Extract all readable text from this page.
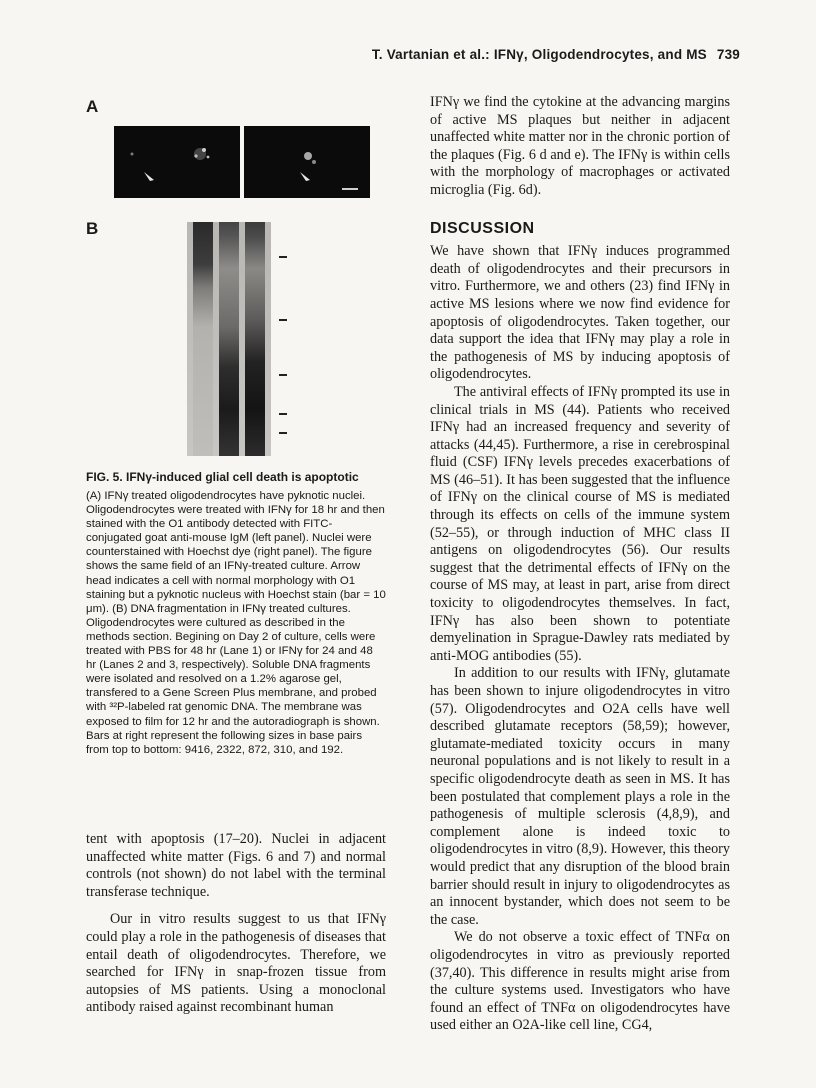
T. Vartanian et al.: IFNγ, Oligodendrocytes, and MS 739
A
B
FIG. 5. IFNγ-induced glial cell death is apoptotic
(A) IFNγ treated oligodendrocytes have pyknotic nuclei. Oligodendrocytes were treated with IFNγ for 18 hr and then stained with the O1 antibody detected with FITC-conjugated goat anti-mouse IgM (left panel). Nuclei were counterstained with Hoechst dye (right panel). The figure shows the same field of an IFNγ-treated culture. Arrow head indicates a cell with normal morphology with O1 staining but a pyknotic nucleus with Hoechst stain (bar = 10 μm). (B) DNA fragmentation in IFNγ treated cultures. Oligodendrocytes were cultured as described in the methods section. Begining on Day 2 of culture, cells were treated with PBS for 48 hr (Lane 1) or IFNγ for 24 and 48 hr (Lanes 2 and 3, respectively). Soluble DNA fragments were isolated and resolved on a 1.2% agarose gel, transfered to a Gene Screen Plus membrane, and probed with ³²P-labeled rat genomic DNA. The membrane was exposed to film for 12 hr and the autoradiograph is shown. Bars at right represent the following sizes in base pairs from top to bottom: 9416, 2322, 872, 310, and 192.

tent with apoptosis (17–20). Nuclei in adjacent unaffected white matter (Figs. 6 and 7) and normal controls (not shown) do not label with the terminal transferase technique.

Our in vitro results suggest to us that IFNγ could play a role in the pathogenesis of diseases that entail death of oligodendrocytes. Therefore, we searched for IFNγ in snap-frozen tissue from autopsies of MS patients. Using a monoclonal antibody raised against recombinant human

IFNγ we find the cytokine at the advancing margins of active MS plaques but neither in adjacent unaffected white matter nor in the chronic portion of the plaques (Fig. 6 d and e). The IFNγ is within cells with the morphology of macrophages or activated microglia (Fig. 6d).

DISCUSSION

We have shown that IFNγ induces programmed death of oligodendrocytes and their precursors in vitro. Furthermore, we and others (23) find IFNγ in active MS lesions where we now find evidence for apoptosis of oligodendrocytes. Taken together, our data support the idea that IFNγ may play a role in the pathogenesis of MS by inducing apoptosis of oligodendrocytes.

The antiviral effects of IFNγ prompted its use in clinical trials in MS (44). Patients who received IFNγ had an increased frequency and severity of attacks (44,45). Furthermore, a rise in cerebrospinal fluid (CSF) IFNγ levels precedes exacerbations of MS (46–51). It has been suggested that the influence of IFNγ on the clinical course of MS is mediated through its effects on cells of the immune system (52–55), or through induction of MHC class II antigens on oligodendrocytes (56). Our results suggest that the detrimental effects of IFNγ on the course of MS may, at least in part, arise from direct toxicity to oligodendrocytes themselves. In fact, IFNγ has also been shown to potentiate demyelination in Sprague-Dawley rats mediated by anti-MOG antibodies (55).

In addition to our results with IFNγ, glutamate has been shown to injure oligodendrocytes in vitro (57). Oligodendrocytes and O2A cells have well described glutamate receptors (58,59); however, glutamate-mediated toxicity occurs in many neuronal populations and is not likely to result in a specific oligodendrocyte death as seen in MS. It has been postulated that complement plays a role in the pathogenesis of multiple sclerosis (4,8,9), and complement alone is indeed toxic to oligodendrocytes in vitro (8,9). However, this theory would predict that any disruption of the blood brain barrier should result in injury to oligodendrocytes as an innocent bystander, which does not seem to be the case.

We do not observe a toxic effect of TNFα on oligodendrocytes in vitro as previously reported (37,40). This difference in results might arise from the culture systems used. Investigators who have found an effect of TNFα on oligodendrocytes have used either an O2A-like cell line, CG4,
